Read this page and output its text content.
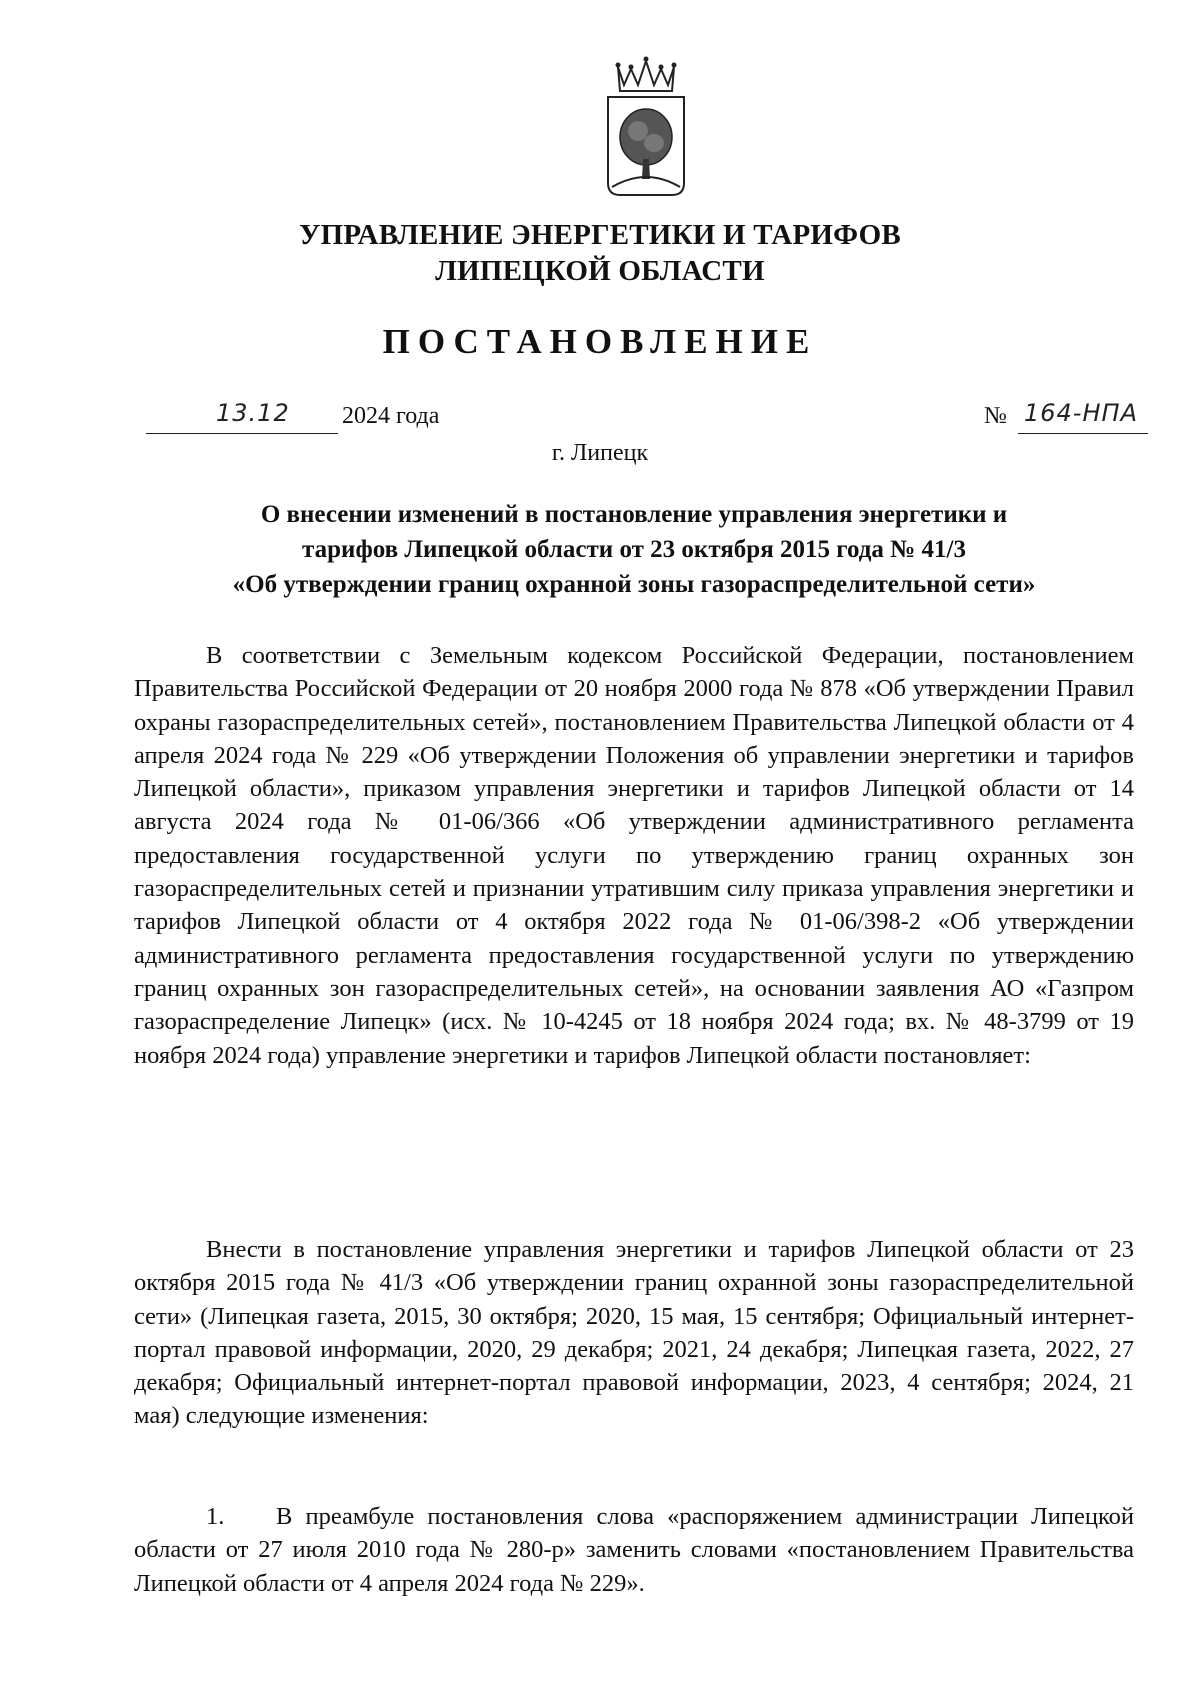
УПРАВЛЕНИЕ ЭНЕРГЕТИКИ И ТАРИФОВ
ЛИПЕЦКОЙ ОБЛАСТИ
ПОСТАНОВЛЕНИЕ
13.12 2024 года	№ 164-НПА
г. Липецк
О внесении изменений в постановление управления энергетики и
тарифов Липецкой области от 23 октября 2015 года № 41/3
«Об утверждении границ охранной зоны газораспределительной сети»

В соответствии с Земельным кодексом Российской Федерации, постановлением Правительства Российской Федерации от 20 ноября 2000 года № 878 «Об утверждении Правил охраны газораспределительных сетей», постановлением Правительства Липецкой области от 4 апреля 2024 года № 229 «Об утверждении Положения об управлении энергетики и тарифов Липецкой области», приказом управления энергетики и тарифов Липецкой области от 14 августа 2024 года № 01-06/366 «Об утверждении административного регламента предоставления государственной услуги по утверждению границ охранных зон газораспределительных сетей и признании утратившим силу приказа управления энергетики и тарифов Липецкой области от 4 октября 2022 года № 01-06/398-2 «Об утверждении административного регламента предоставления государственной услуги по утверждению границ охранных зон газораспределительных сетей», на основании заявления АО «Газпром газораспределение Липецк» (исх. № 10-4245 от 18 ноября 2024 года; вх. № 48-3799 от 19 ноября 2024 года) управление энергетики и тарифов Липецкой области постановляет:

Внести в постановление управления энергетики и тарифов Липецкой области от 23 октября 2015 года № 41/3 «Об утверждении границ охранной зоны газораспределительной сети» (Липецкая газета, 2015, 30 октября; 2020, 15 мая, 15 сентября; Официальный интернет-портал правовой информации, 2020, 29 декабря; 2021, 24 декабря; Липецкая газета, 2022, 27 декабря; Официальный интернет-портал правовой информации, 2023, 4 сентября; 2024, 21 мая) следующие изменения:

1. В преамбуле постановления слова «распоряжением администрации Липецкой области от 27 июля 2010 года № 280-р» заменить словами «постановлением Правительства Липецкой области от 4 апреля 2024 года № 229».
